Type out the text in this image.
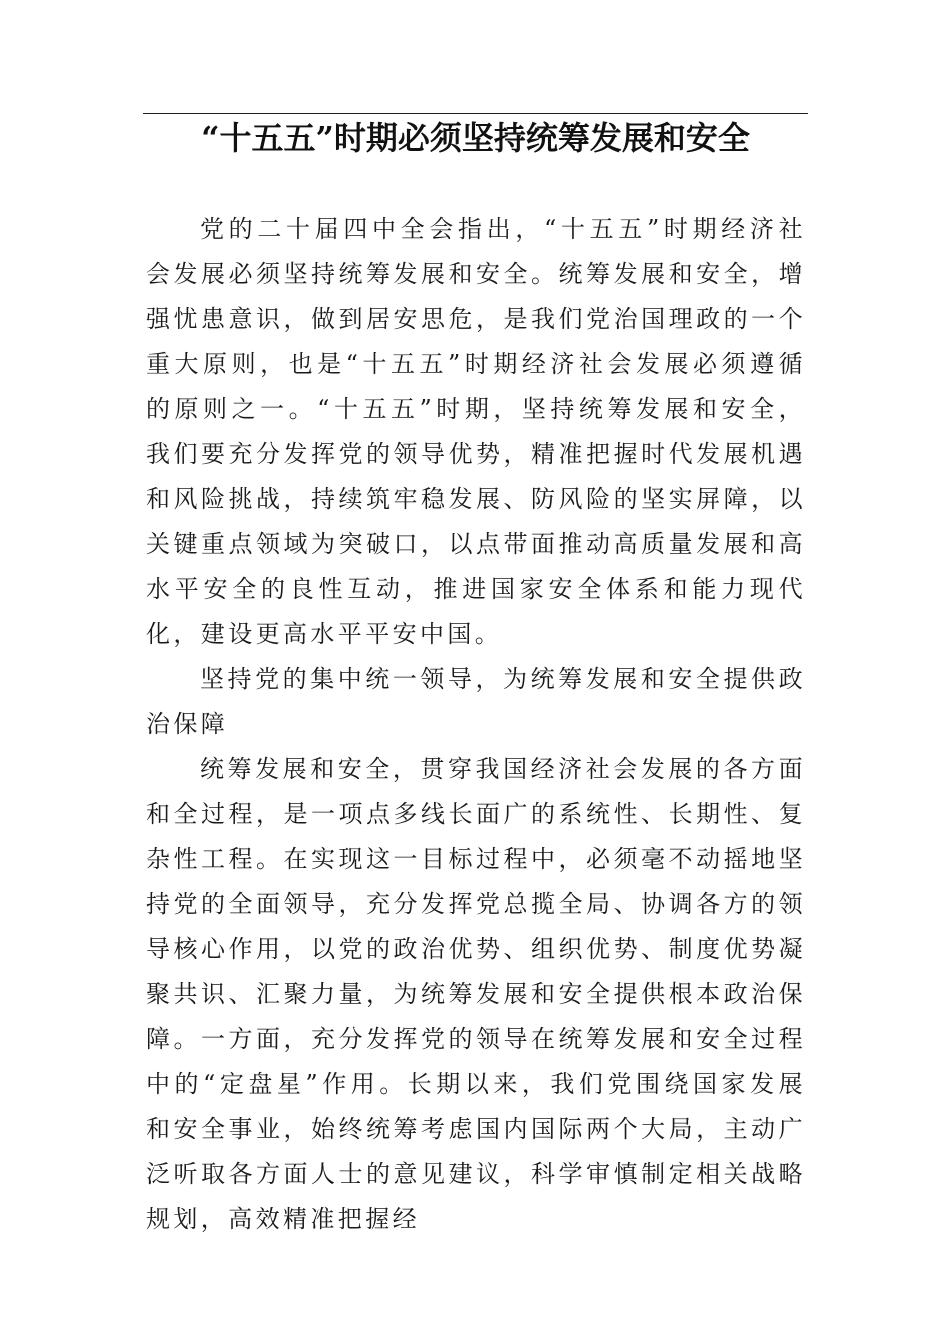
“十五五”时期必须坚持统筹发展和安全

党的二十届四中全会指出，“十五五”时期经济社会发展必须坚持统筹发展和安全。统筹发展和安全，增强忧患意识，做到居安思危，是我们党治国理政的一个重大原则，也是“十五五”时期经济社会发展必须遵循的原则之一。“十五五”时期，坚持统筹发展和安全，我们要充分发挥党的领导优势，精准把握时代发展机遇和风险挑战，持续筑牢稳发展、防风险的坚实屏障，以关键重点领域为突破口，以点带面推动高质量发展和高水平安全的良性互动，推进国家安全体系和能力现代化，建设更高水平平安中国。

坚持党的集中统一领导，为统筹发展和安全提供政治保障

统筹发展和安全，贯穿我国经济社会发展的各方面和全过程，是一项点多线长面广的系统性、长期性、复杂性工程。在实现这一目标过程中，必须毫不动摇地坚持党的全面领导，充分发挥党总揽全局、协调各方的领导核心作用，以党的政治优势、组织优势、制度优势凝聚共识、汇聚力量，为统筹发展和安全提供根本政治保障。一方面，充分发挥党的领导在统筹发展和安全过程中的“定盘星”作用。长期以来，我们党围绕国家发展和安全事业，始终统筹考虑国内国际两个大局，主动广泛听取各方面人士的意见建议，科学审慎制定相关战略规划，高效精准把握经
